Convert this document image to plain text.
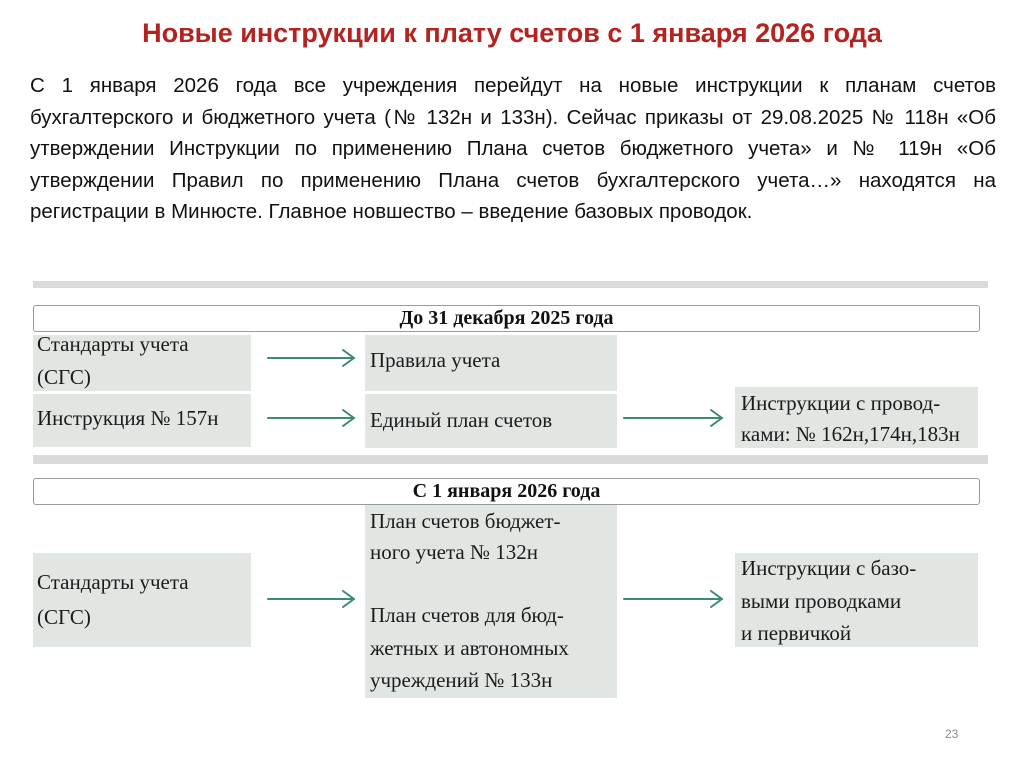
Новые инструкции к плату счетов с 1 января 2026 года
С 1 января 2026 года все учреждения перейдут на новые инструкции к планам счетов бухгалтерского и бюджетного учета (№ 132н и 133н). Сейчас приказы от 29.08.2025 № 118н «Об утверждении Инструкции по применению Плана счетов бюджетного учета» и № 119н «Об утверждении Правил по применению Плана счетов бухгалтерского учета…» находятся на регистрации в Минюсте. Главное новшество – введение базовых проводок.
До 31 декабря 2025 года
Стандарты учета
(СГС)
Инструкция № 157н
Правила учета
Единый план счетов
Инструкции с провод-
ками: № 162н,174н,183н
С 1 января 2026 года
Стандарты учета
(СГС)
План счетов бюджет-
ного учета № 132н
План счетов для бюд-
жетных и автономных
учреждений № 133н
Инструкции с базо-
выми проводками
и первичкой
23
